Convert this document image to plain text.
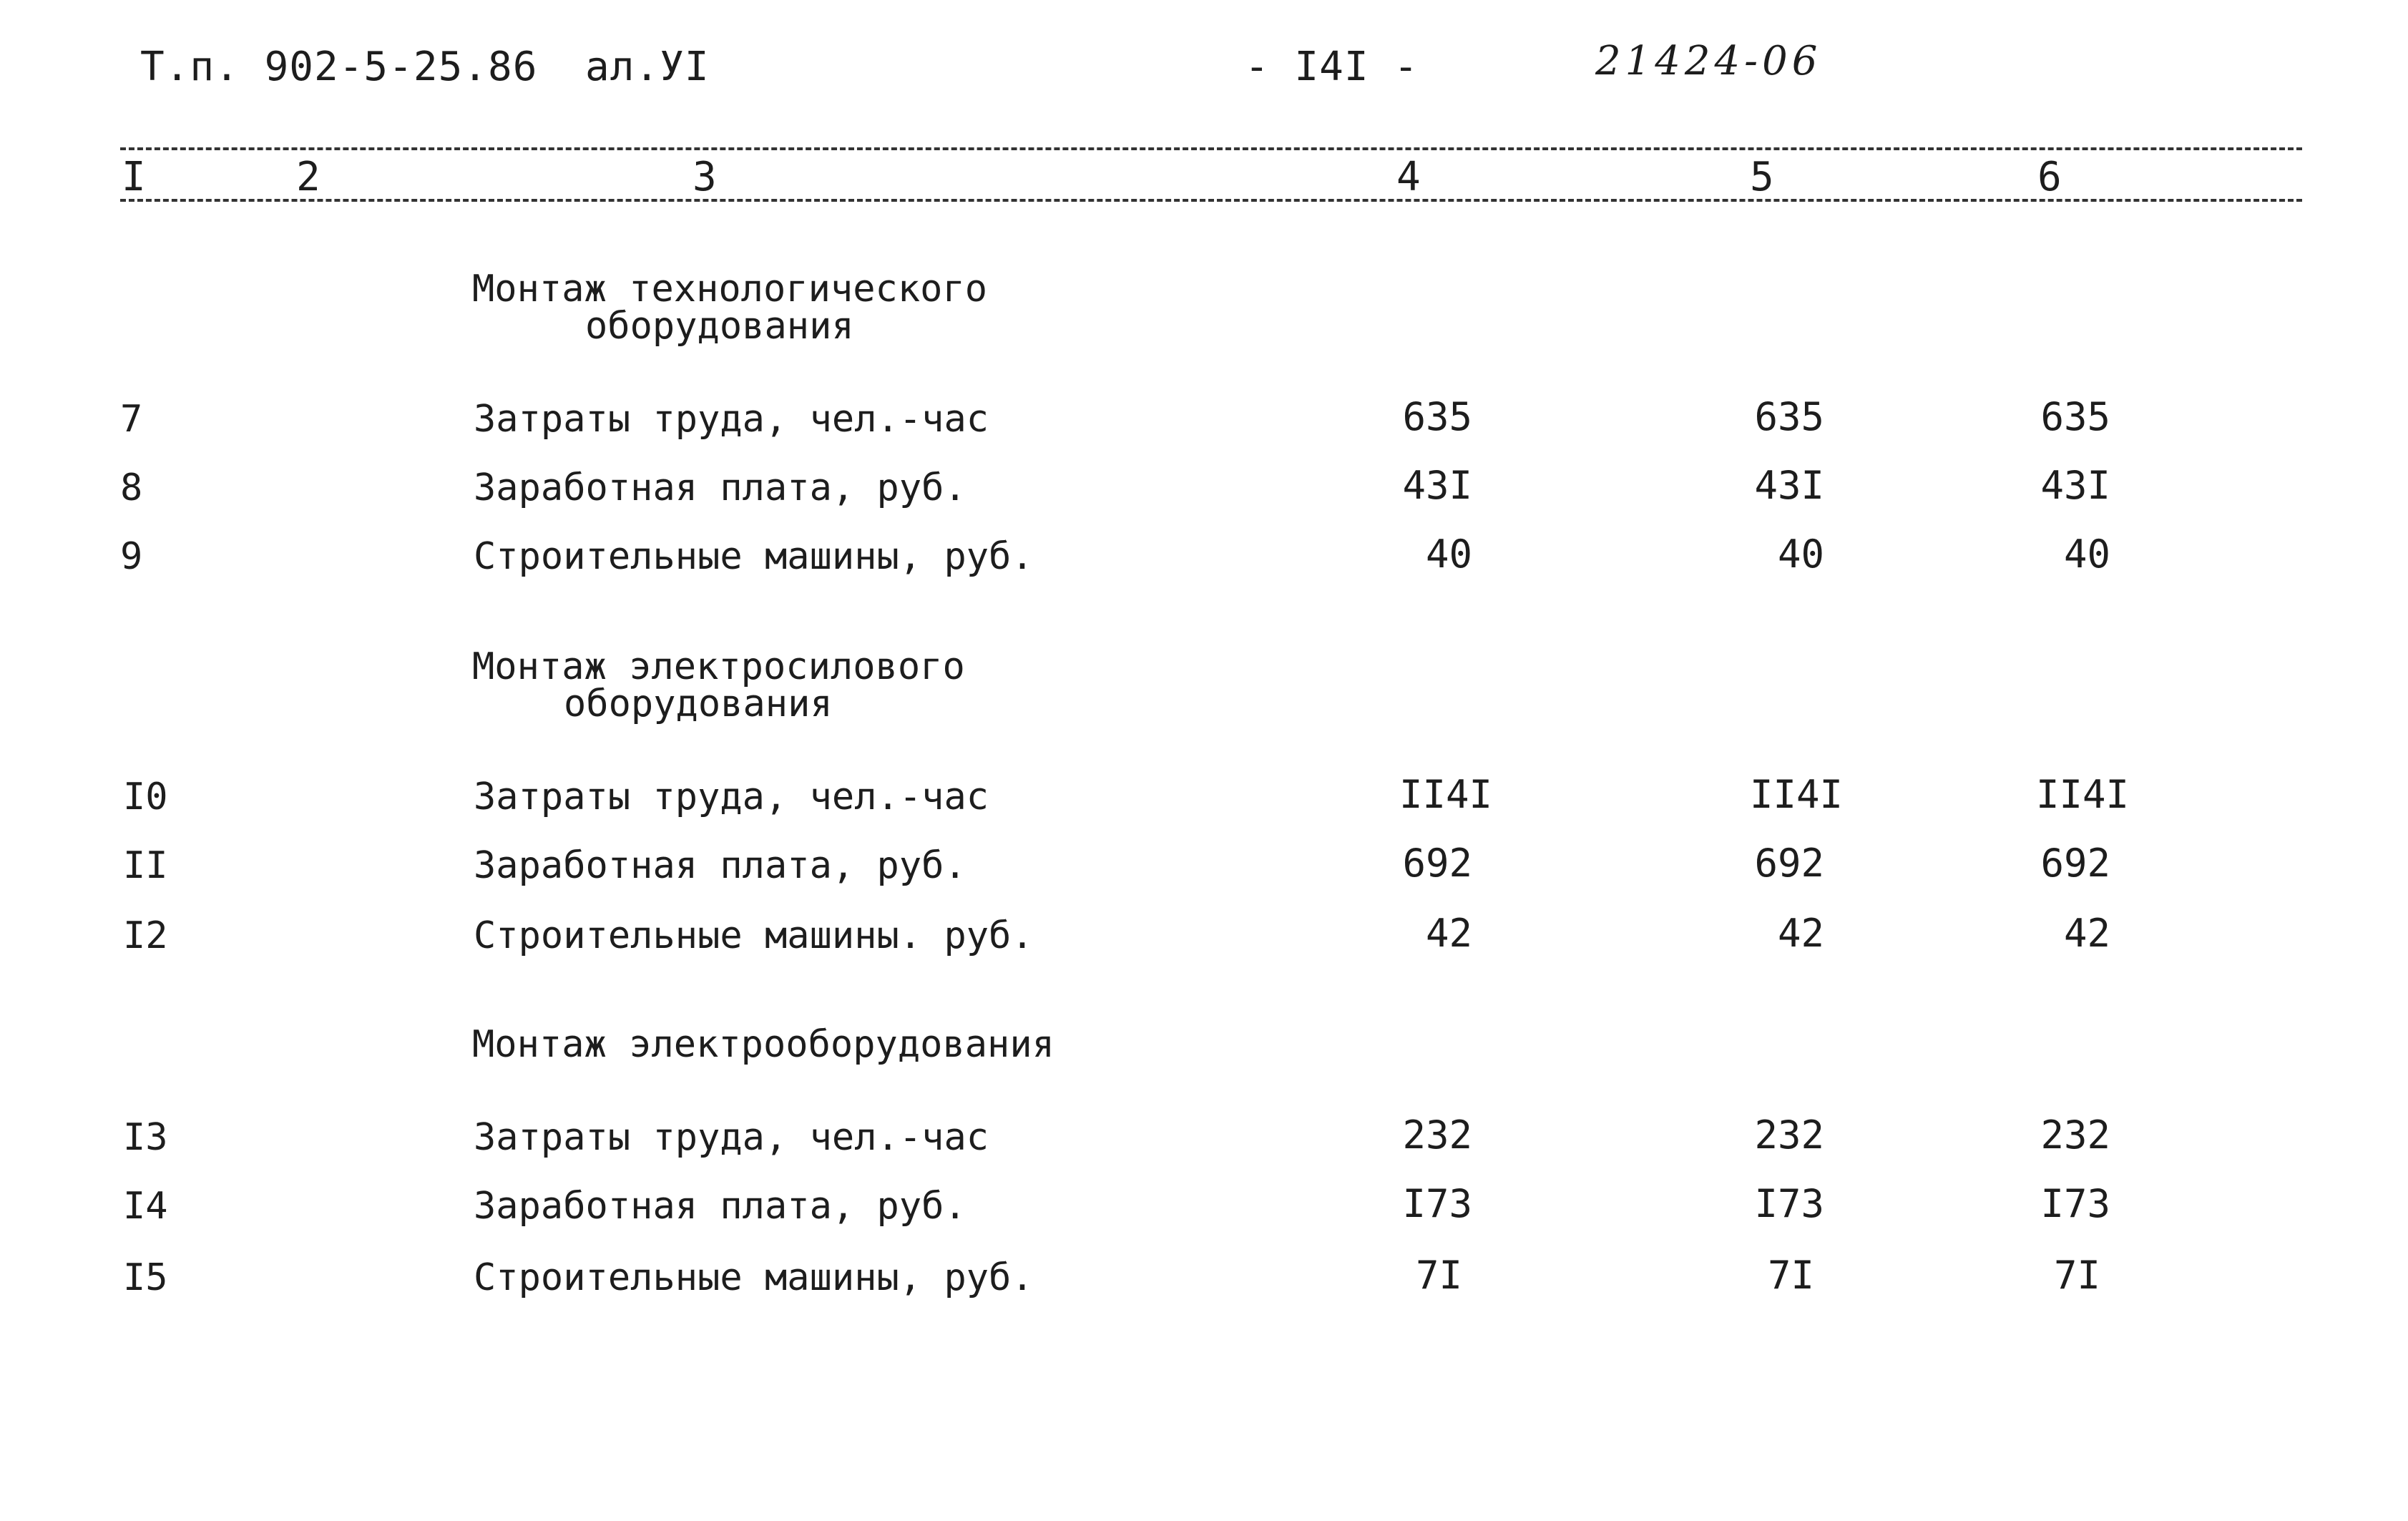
Т.п. 902-5-25.86 ал.УI	- I4I -	21424-06
I	2	3	4	5	6
Монтаж технологического
оборудования
7	Затраты труда, чел.-час	635	635	635
8	Заработная плата, руб.	43I	43I	43I
9	Строительные машины, руб.	40	40	40
Монтаж электросилового
оборудования
I0	Затраты труда, чел.-час	II4I	II4I	II4I
II	Заработная плата, руб.	692	692	692
I2	Строительные машины. руб.	42	42	42
Монтаж электрооборудования
I3	Затраты труда, чел.-час	232	232	232
I4	Заработная плата, руб.	I73	I73	I73
I5	Строительные машины, руб.	7I	7I	7I
